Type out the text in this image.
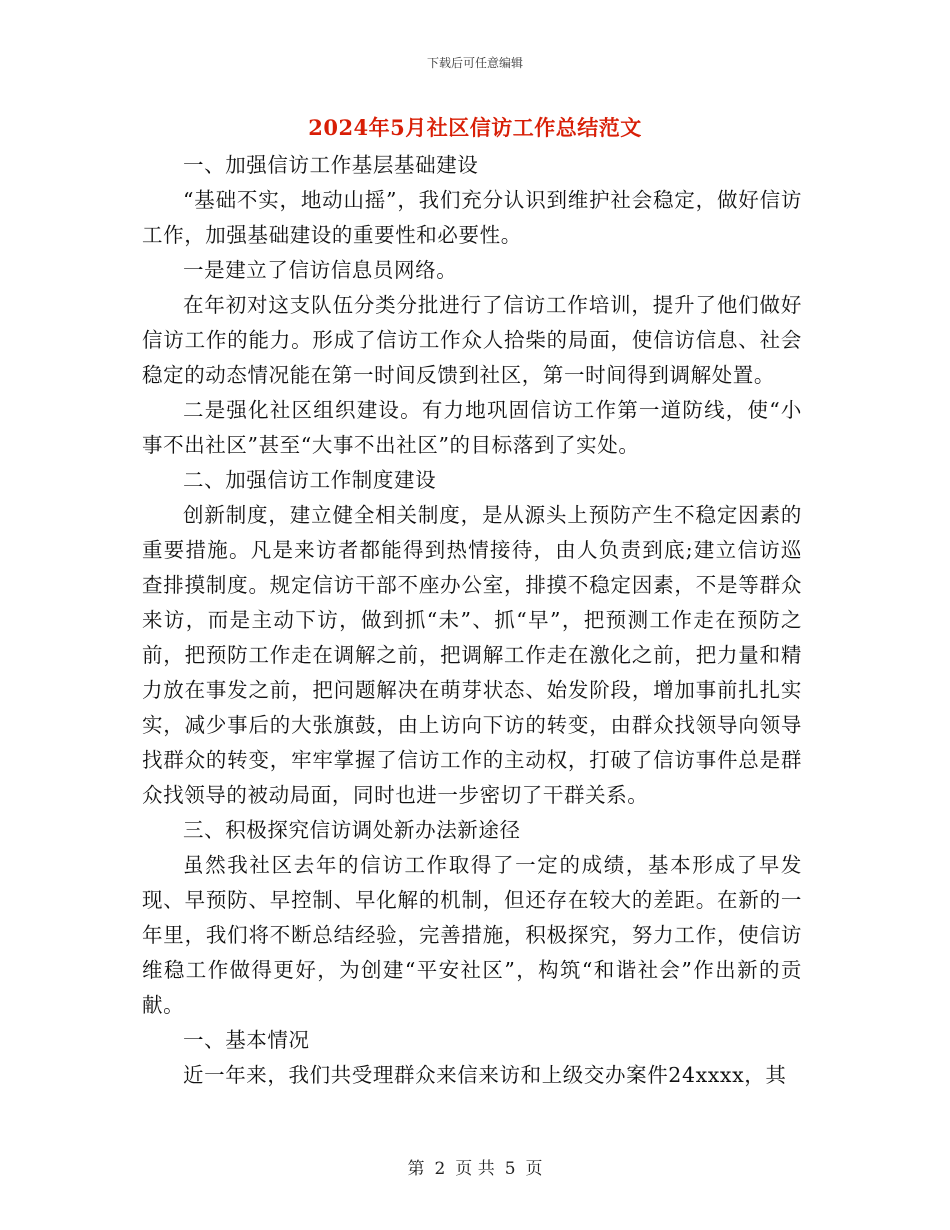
下载后可任意编辑
2024年5月社区信访工作总结范文

一、加强信访工作基层基础建设

“基础不实，地动山摇”，我们充分认识到维护社会稳定，做好信访工作，加强基础建设的重要性和必要性。

一是建立了信访信息员网络。

在年初对这支队伍分类分批进行了信访工作培训，提升了他们做好信访工作的能力。形成了信访工作众人拾柴的局面，使信访信息、社会稳定的动态情况能在第一时间反馈到社区，第一时间得到调解处置。

二是强化社区组织建设。有力地巩固信访工作第一道防线，使“小事不出社区”甚至“大事不出社区”的目标落到了实处。

二、加强信访工作制度建设

创新制度，建立健全相关制度，是从源头上预防产生不稳定因素的重要措施。凡是来访者都能得到热情接待，由人负责到底;建立信访巡查排摸制度。规定信访干部不座办公室，排摸不稳定因素，不是等群众来访，而是主动下访，做到抓“未”、抓“早”，把预测工作走在预防之前，把预防工作走在调解之前，把调解工作走在激化之前，把力量和精力放在事发之前，把问题解决在萌芽状态、始发阶段，增加事前扎扎实实，减少事后的大张旗鼓，由上访向下访的转变，由群众找领导向领导找群众的转变，牢牢掌握了信访工作的主动权，打破了信访事件总是群众找领导的被动局面，同时也进一步密切了干群关系。

三、积极探究信访调处新办法新途径

虽然我社区去年的信访工作取得了一定的成绩，基本形成了早发现、早预防、早控制、早化解的机制，但还存在较大的差距。在新的一年里，我们将不断总结经验，完善措施，积极探究，努力工作，使信访维稳工作做得更好，为创建“平安社区”，构筑“和谐社会”作出新的贡献。

一、基本情况

近一年来，我们共受理群众来信来访和上级交办案件24xxxx，其

第 2 页 共 5 页
